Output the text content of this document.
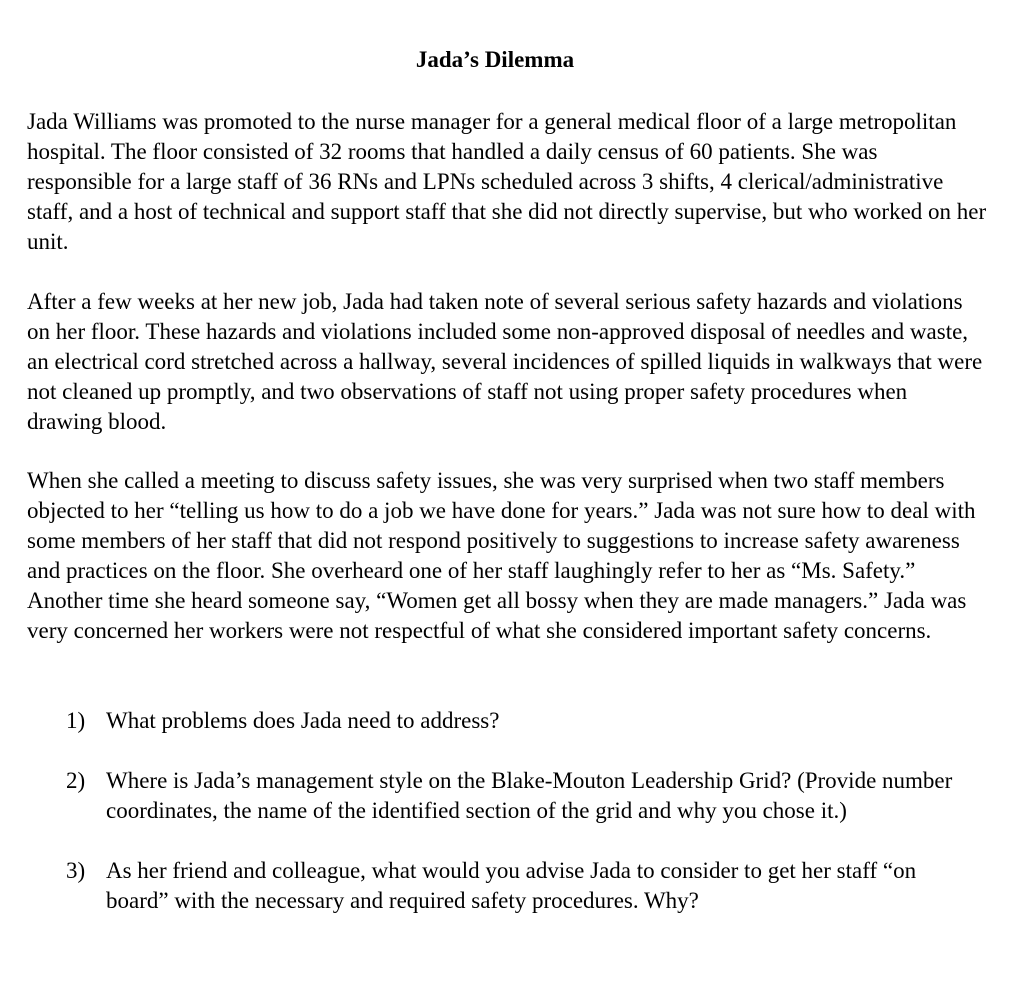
Jada’s Dilemma

Jada Williams was promoted to the nurse manager for a general medical floor of a large metropolitan hospital. The floor consisted of 32 rooms that handled a daily census of 60 patients. She was responsible for a large staff of 36 RNs and LPNs scheduled across 3 shifts, 4 clerical/administrative staff, and a host of technical and support staff that she did not directly supervise, but who worked on her unit.

After a few weeks at her new job, Jada had taken note of several serious safety hazards and violations on her floor. These hazards and violations included some non-approved disposal of needles and waste, an electrical cord stretched across a hallway, several incidences of spilled liquids in walkways that were not cleaned up promptly, and two observations of staff not using proper safety procedures when drawing blood.

When she called a meeting to discuss safety issues, she was very surprised when two staff members objected to her “telling us how to do a job we have done for years.” Jada was not sure how to deal with some members of her staff that did not respond positively to suggestions to increase safety awareness and practices on the floor. She overheard one of her staff laughingly refer to her as “Ms. Safety.” Another time she heard someone say, “Women get all bossy when they are made managers.” Jada was very concerned her workers were not respectful of what she considered important safety concerns.

1) What problems does Jada need to address?
2) Where is Jada’s management style on the Blake-Mouton Leadership Grid? (Provide number coordinates, the name of the identified section of the grid and why you chose it.)
3) As her friend and colleague, what would you advise Jada to consider to get her staff “on board” with the necessary and required safety procedures. Why?
